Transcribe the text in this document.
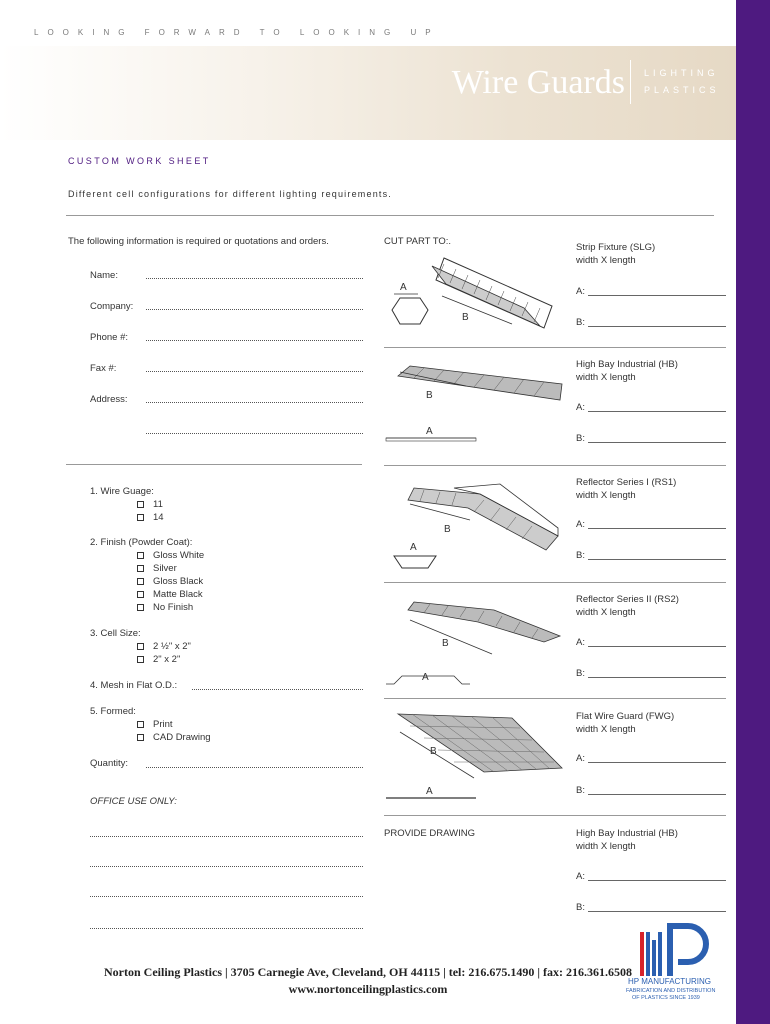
LOOKING FORWARD TO LOOKING UP
Wire Guards LIGHTING
PLASTICS
CUSTOM WORK SHEET
Different cell configurations for different lighting requirements.
The following information is required or quotations and orders.
Name:
Company:
Phone #:
Fax #:
Address:
1. Wire Guage:
11
14
2. Finish (Powder Coat):
Gloss White
Silver
Gloss Black
Matte Black
No Finish
3. Cell Size:
2 ½" x 2"
2" x 2"
4. Mesh in Flat O.D.:
5. Formed:
Print
CAD Drawing
Quantity:
OFFICE USE ONLY:
CUT PART TO:.
A
B
B
A
B
A
B
A
B
A
PROVIDE DRAWING
Strip Fixture (SLG)
width X length
A:
B:
High Bay Industrial (HB)
width X length
A:
B:
Reflector Series I (RS1)
width X length
A:
B:
Reflector Series II (RS2)
width X length
A:
B:
Flat Wire Guard (FWG)
width X length
A:
B:
High Bay Industrial (HB)
width X length
A:
B:
HP MANUFACTURING
FABRICATION AND DISTRIBUTION
OF PLASTICS SINCE 1939
Norton Ceiling Plastics | 3705 Carnegie Ave, Cleveland, OH 44115 | tel: 216.675.1490 | fax: 216.361.6508
www.nortonceilingplastics.com
